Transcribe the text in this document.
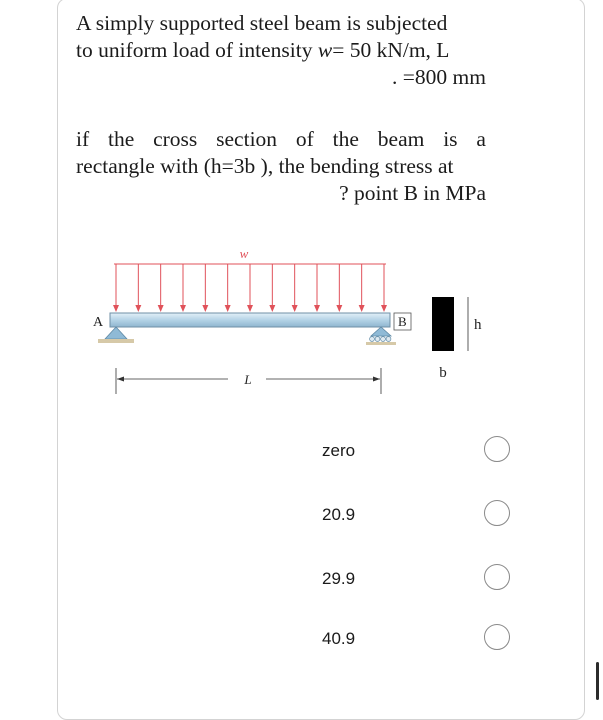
A simply supported steel beam is subjected
to uniform load of intensity w= 50 kN/m, L
. =800 mm
if the cross section of the beam is a
rectangle with (h=3b ), the bending stress at
? point B in MPa
w
A	B
L
h
b
zero
20.9
29.9
40.9
